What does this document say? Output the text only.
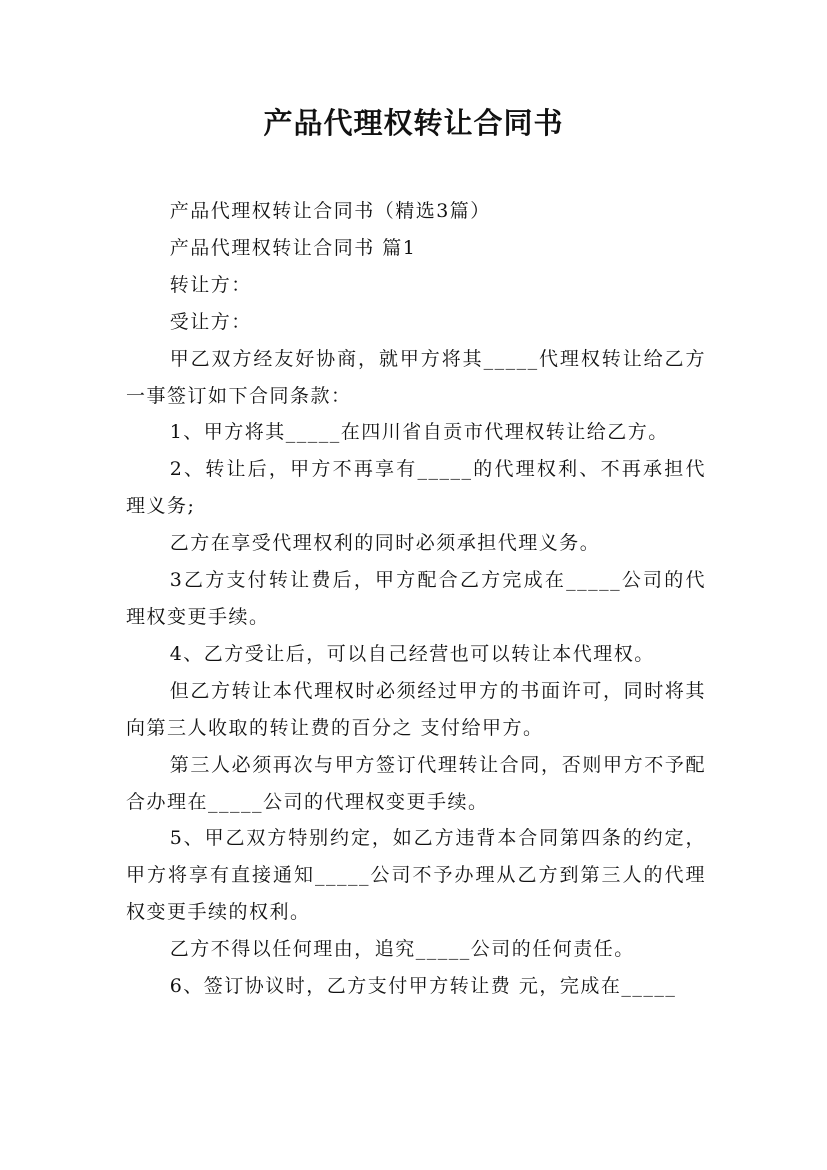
产品代理权转让合同书

产品代理权转让合同书（精选3篇）

产品代理权转让合同书 篇1

转让方：

受让方：

甲乙双方经友好协商，就甲方将其_____代理权转让给乙方一事签订如下合同条款：

1、甲方将其_____在四川省自贡市代理权转让给乙方。

2、转让后，甲方不再享有_____的代理权利、不再承担代理义务;

乙方在享受代理权利的同时必须承担代理义务。

3乙方支付转让费后，甲方配合乙方完成在_____公司的代理权变更手续。

4、乙方受让后，可以自己经营也可以转让本代理权。

但乙方转让本代理权时必须经过甲方的书面许可，同时将其向第三人收取的转让费的百分之 支付给甲方。

第三人必须再次与甲方签订代理转让合同，否则甲方不予配合办理在_____公司的代理权变更手续。

5、甲乙双方特别约定，如乙方违背本合同第四条的约定，甲方将享有直接通知_____公司不予办理从乙方到第三人的代理权变更手续的权利。

乙方不得以任何理由，追究_____公司的任何责任。

6、签订协议时，乙方支付甲方转让费 元，完成在_____
